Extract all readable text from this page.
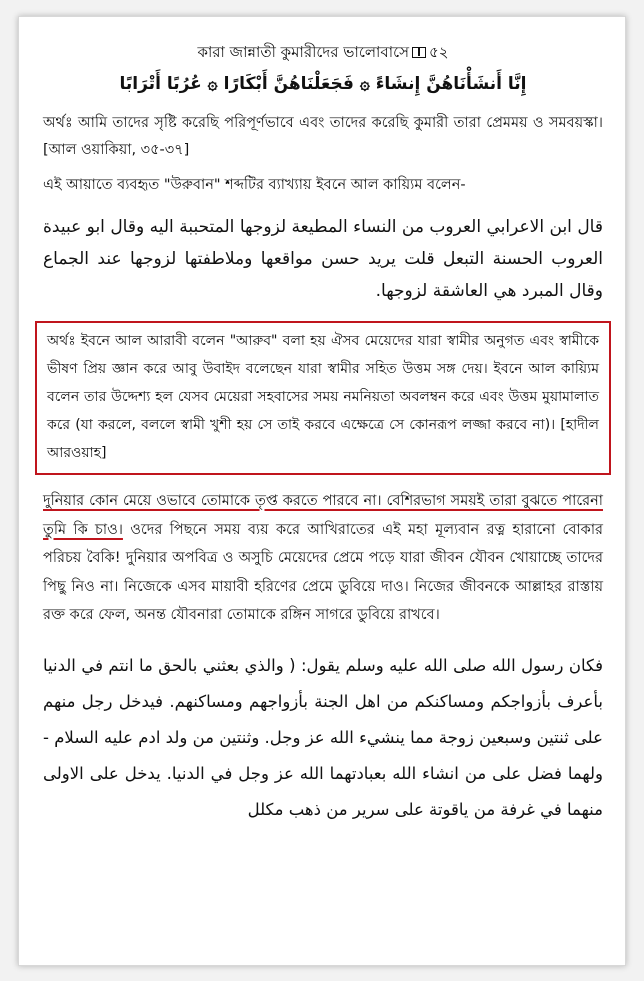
কারা জান্নাতী কুমারীদের ভালোবাসে ৫২
إِنَّا أَنشَأْنَاهُنَّ إِنشَاءً ۞ فَجَعَلْنَاهُنَّ أَبْكَارًا ۞ عُرُبًا أَتْرَابًا
অর্থঃ আমি তাদের সৃষ্টি করেছি পরিপূর্ণভাবে এবং তাদের করেছি কুমারী তারা প্রেমময় ও সমবয়স্কা। [আল ওয়াকিয়া, ৩৫-৩৭]
এই আয়াতে ব্যবহৃত "উরুবান" শব্দটির ব্যাখ্যায় ইবনে আল কায়্যিম বলেন-
قال ابن الاعرابي العروب من النساء المطيعة لزوجها المتحببة اليه وقال ابو عبيدة العروب الحسنة التبعل قلت يريد حسن مواقعها وملاطفتها لزوجها عند الجماع وقال المبرد هي العاشقة لزوجها.
অর্থঃ ইবনে আল আরাবী বলেন "আরুব" বলা হয় ঐসব মেয়েদের যারা স্বামীর অনুগত এবং স্বামীকে ভীষণ প্রিয় জ্ঞান করে আবু উবাইদ বলেছেন যারা স্বামীর সহিত উত্তম সঙ্গ দেয়। ইবনে আল কায়্যিম বলেন তার উদ্দেশ্য হল যেসব মেয়েরা সহবাসের সময় নমনিয়তা অবলম্বন করে এবং উত্তম মুয়ামালাত করে (যা করলে, বললে স্বামী খুশী হয় সে তাই করবে এক্ষেত্রে সে কোনরূপ লজ্জা করবে না)। [হাদীল আরওয়াহ]
দুনিয়ার কোন মেয়ে ওভাবে তোমাকে তৃপ্ত করতে পারবে না। বেশিরভাগ সময়ই তারা বুঝতে পারেনা তুমি কি চাও। ওদের পিছনে সময় ব্যয় করে আখিরাতের এই মহা মূল্যবান রত্ন হারানো বোকার পরিচয় বৈকি! দুনিয়ার অপবিত্র ও অসুচি মেয়েদের প্রেমে পড়ে যারা জীবন যৌবন খোয়াচ্ছে তাদের পিছু নিও না। নিজেকে এসব মায়াবী হরিণের প্রেমে ডুবিয়ে দাও। নিজের জীবনকে আল্লাহর রাস্তায় রক্ত করে ফেল, অনন্ত যৌবনারা তোমাকে রঙ্গিন সাগরে ডুবিয়ে রাখবে।
فكان رسول الله صلى الله عليه وسلم يقول: ( والذي بعثني بالحق ما انتم في الدنيا بأعرف بأزواجكم ومساكنكم من اهل الجنة بأزواجهم ومساكنهم. فيدخل رجل منهم على ثنتين وسبعين زوجة مما ينشيء الله عز وجل. وثنتين من ولد ادم عليه السلام - ولهما فضل على من انشاء الله بعبادتهما الله عز وجل في الدنيا. يدخل على الاولى منهما في غرفة من ياقوتة على سرير من ذهب مكلل
